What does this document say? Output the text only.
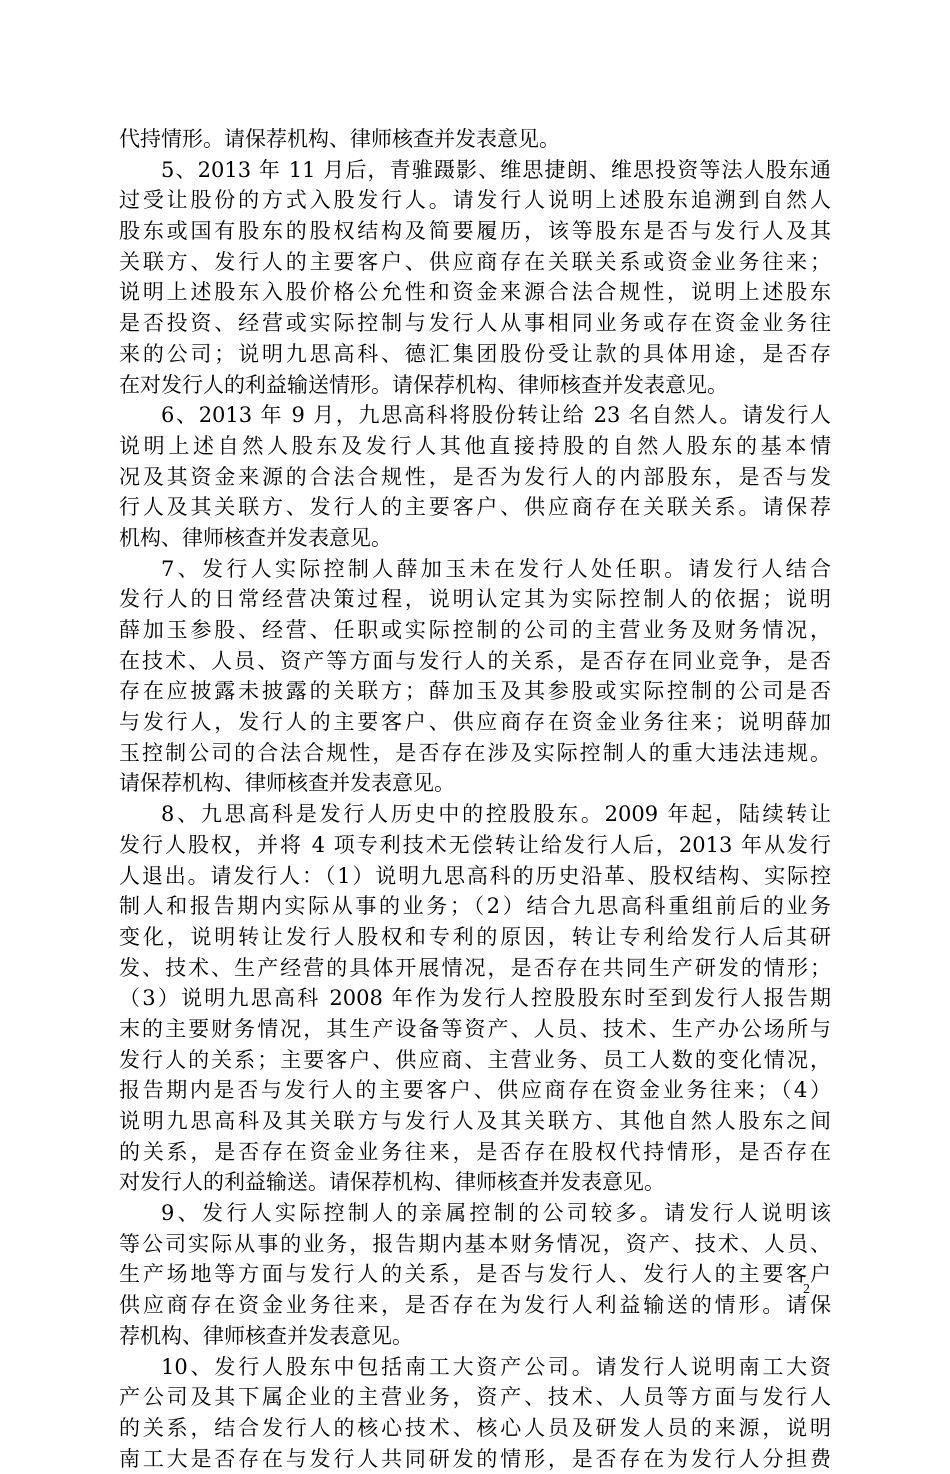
代持情形。请保荐机构、律师核查并发表意见。
5、2013 年 11 月后，青骓蹑影、维思捷朗、维思投资等法人股东通
过受让股份的方式入股发行人。请发行人说明上述股东追溯到自然人
股东或国有股东的股权结构及简要履历，该等股东是否与发行人及其
关联方、发行人的主要客户、供应商存在关联关系或资金业务往来；
说明上述股东入股价格公允性和资金来源合法合规性，说明上述股东
是否投资、经营或实际控制与发行人从事相同业务或存在资金业务往
来的公司；说明九思高科、德汇集团股份受让款的具体用途，是否存
在对发行人的利益输送情形。请保荐机构、律师核查并发表意见。
6、2013 年 9 月，九思高科将股份转让给 23 名自然人。请发行人
说明上述自然人股东及发行人其他直接持股的自然人股东的基本情
况及其资金来源的合法合规性，是否为发行人的内部股东，是否与发
行人及其关联方、发行人的主要客户、供应商存在关联关系。请保荐
机构、律师核查并发表意见。
7、发行人实际控制人薛加玉未在发行人处任职。请发行人结合
发行人的日常经营决策过程，说明认定其为实际控制人的依据；说明
薛加玉参股、经营、任职或实际控制的公司的主营业务及财务情况，
在技术、人员、资产等方面与发行人的关系，是否存在同业竞争，是否
存在应披露未披露的关联方；薛加玉及其参股或实际控制的公司是否
与发行人，发行人的主要客户、供应商存在资金业务往来；说明薛加
玉控制公司的合法合规性，是否存在涉及实际控制人的重大违法违规。
请保荐机构、律师核查并发表意见。
8、九思高科是发行人历史中的控股股东。2009 年起，陆续转让
发行人股权，并将 4 项专利技术无偿转让给发行人后，2013 年从发行
人退出。请发行人：（1）说明九思高科的历史沿革、股权结构、实际控
制人和报告期内实际从事的业务；（2）结合九思高科重组前后的业务
变化，说明转让发行人股权和专利的原因，转让专利给发行人后其研
发、技术、生产经营的具体开展情况，是否存在共同生产研发的情形；
（3）说明九思高科 2008 年作为发行人控股股东时至到发行人报告期
末的主要财务情况，其生产设备等资产、人员、技术、生产办公场所与
发行人的关系；主要客户、供应商、主营业务、员工人数的变化情况，
报告期内是否与发行人的主要客户、供应商存在资金业务往来；（4）
说明九思高科及其关联方与发行人及其关联方、其他自然人股东之间
的关系，是否存在资金业务往来，是否存在股权代持情形，是否存在
对发行人的利益输送。请保荐机构、律师核查并发表意见。
9、发行人实际控制人的亲属控制的公司较多。请发行人说明该
等公司实际从事的业务，报告期内基本财务情况，资产、技术、人员、
生产场地等方面与发行人的关系，是否与发行人、发行人的主要客户
供应商存在资金业务往来，是否存在为发行人利益输送的情形。请保
荐机构、律师核查并发表意见。
10、发行人股东中包括南工大资产公司。请发行人说明南工大资
产公司及其下属企业的主营业务，资产、技术、人员等方面与发行人
的关系，结合发行人的核心技术、核心人员及研发人员的来源，说明
南工大是否存在与发行人共同研发的情形，是否存在为发行人分担费
2
